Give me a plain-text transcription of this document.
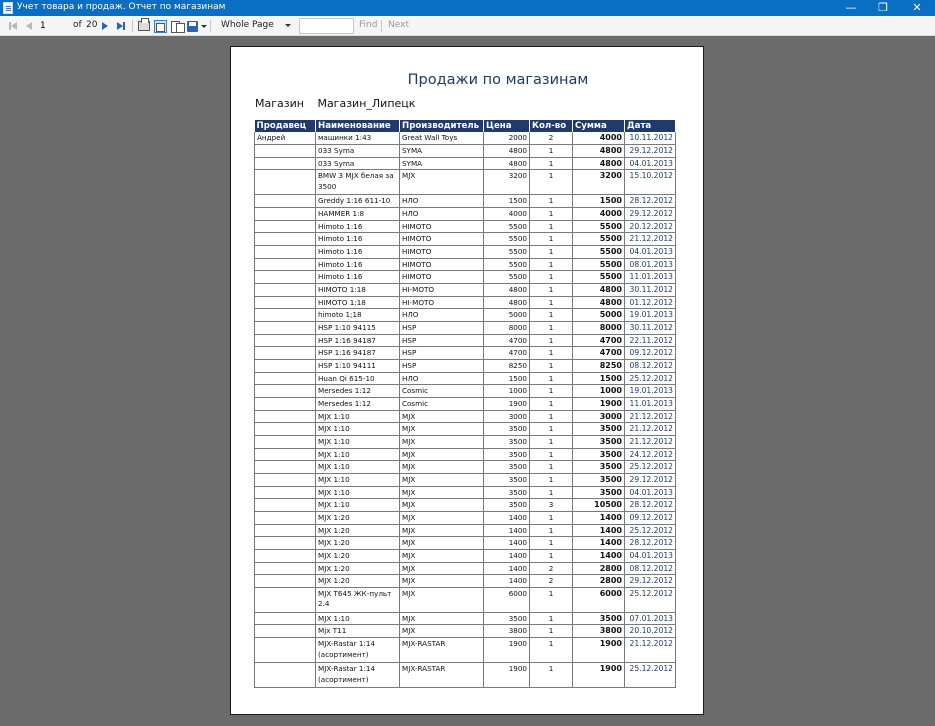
Учет товара и продаж. Отчет по магазинам	—	❐	✕
1
of 20	Whole Page	Find Next
Продажи по магазинам
Магазин Магазин_Липецк
Продавец	Наименование	Производитель	Цена	Кол-во	Сумма	Дата
Андрей	машинки 1:43	Great Wall Toys	2000	2	4000	10.11.2012
	033 Syma	SYMA	4800	1	4800	29.12.2012
	033 Syma	SYMA	4800	1	4800	04.01.2013
	BMW 3 MJX белая за 3500	MJX	3200	1	3200	15.10.2012
	Greddy 1:16 611-10	НЛО	1500	1	1500	28.12.2012
	HAMMER 1:8	НЛО	4000	1	4000	29.12.2012
	Himoto 1:16	HIMOTO	5500	1	5500	20.12.2012
	Himoto 1:16	HIMOTO	5500	1	5500	21.12.2012
	Himoto 1:16	HIMOTO	5500	1	5500	04.01.2013
	Himoto 1:16	HIMOTO	5500	1	5500	08.01.2013
	Himoto 1:16	HIMOTO	5500	1	5500	11.01.2013
	HIMOTO 1:18	HI-MOTO	4800	1	4800	30.11.2012
	HIMOTO 1:18	HI-MOTO	4800	1	4800	01.12.2012
	himoto 1;18	НЛО	5000	1	5000	19.01.2013
	HSP 1:10 94115	HSP	8000	1	8000	30.11.2012
	HSP 1:16 94187	HSP	4700	1	4700	22.11.2012
	HSP 1:16 94187	HSP	4700	1	4700	09.12.2012
	HSP 1:10 94111	HSP	8250	1	8250	08.12.2012
	Huan Qi 615-10	НЛО	1500	1	1500	25.12.2012
	Mersedes 1:12	Cosmic	1000	1	1000	19.01.2013
	Mersedes 1:12	Cosmic	1900	1	1900	11.01.2013
	MJX 1:10	MJX	3000	1	3000	21.12.2012
	MJX 1:10	MJX	3500	1	3500	21.12.2012
	MJX 1:10	MJX	3500	1	3500	21.12.2012
	MJX 1:10	MJX	3500	1	3500	24.12.2012
	MJX 1:10	MJX	3500	1	3500	25.12.2012
	MJX 1:10	MJX	3500	1	3500	29.12.2012
	MJX 1:10	MJX	3500	1	3500	04.01.2013
	MJX 1:10	MJX	3500	3	10500	28.12.2012
	MJX 1:20	MJX	1400	1	1400	09.12.2012
	MJX 1:20	MJX	1400	1	1400	25.12.2012
	MJX 1:20	MJX	1400	1	1400	28.12.2012
	MJX 1:20	MJX	1400	1	1400	04.01.2013
	MJX 1:20	MJX	1400	2	2800	08.12.2012
	MJX 1:20	MJX	1400	2	2800	29.12.2012
	MJX T645 ЖК-пульт 2.4	MJX	6000	1	6000	25.12.2012
	MJX 1:10	MJX	3500	1	3500	07.01.2013
	Mjx T11	MJX	3800	1	3800	20.10.2012
	MJX-Rastar 1:14 (асортимент)	MJX-RASTAR	1900	1	1900	21.12.2012
	MJX-Rastar 1:14 (асортимент)	MJX-RASTAR	1900	1	1900	25.12.2012
